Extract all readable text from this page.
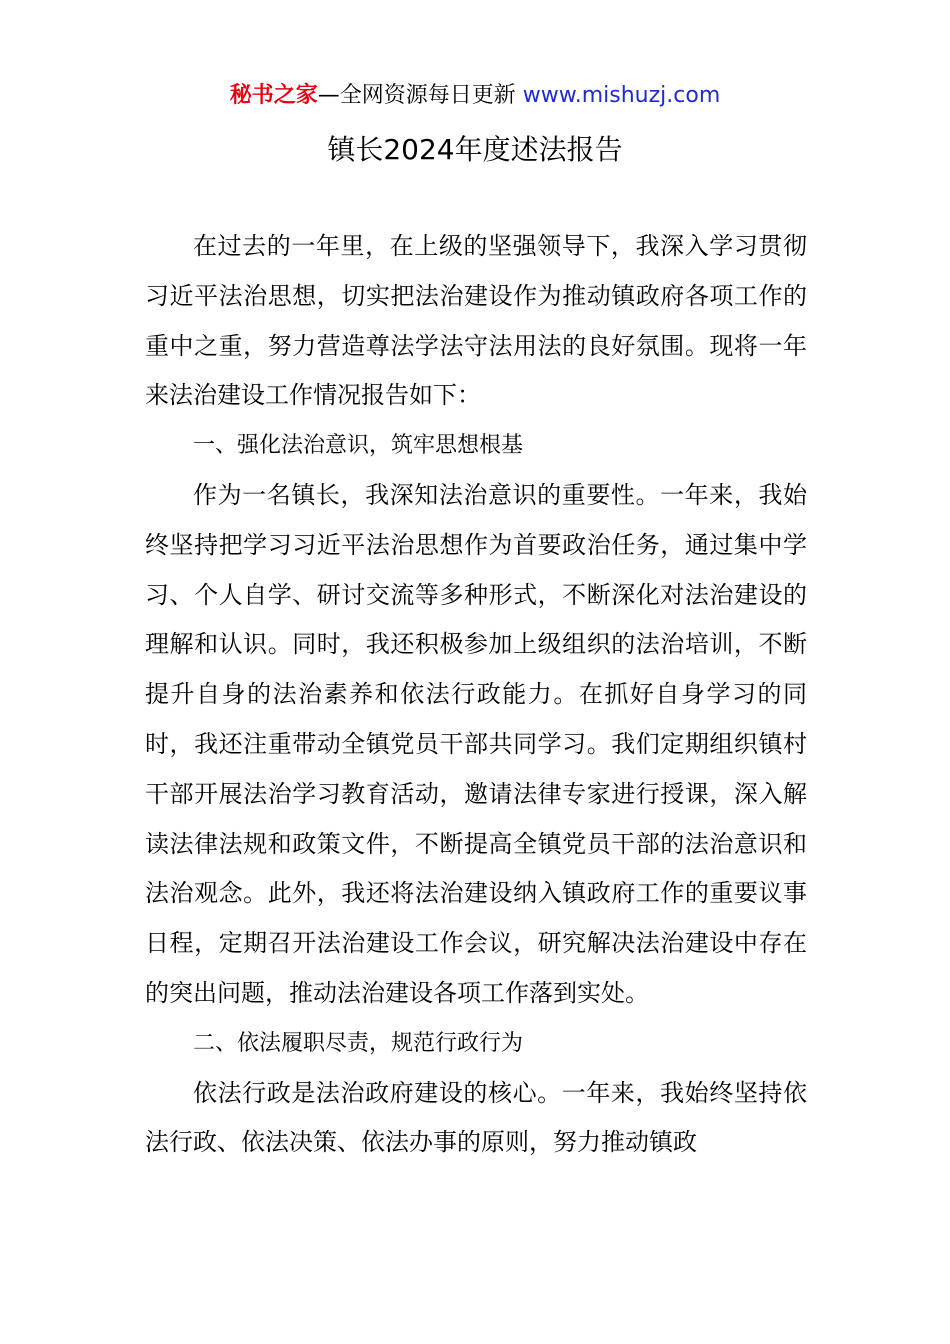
秘书之家—全网资源每日更新 www.mishuzj.com
镇长2024年度述法报告

在过去的一年里，在上级的坚强领导下，我深入学习贯彻习近平法治思想，切实把法治建设作为推动镇政府各项工作的重中之重，努力营造尊法学法守法用法的良好氛围。现将一年来法治建设工作情况报告如下：

一、强化法治意识，筑牢思想根基

作为一名镇长，我深知法治意识的重要性。一年来，我始终坚持把学习习近平法治思想作为首要政治任务，通过集中学习、个人自学、研讨交流等多种形式，不断深化对法治建设的理解和认识。同时，我还积极参加上级组织的法治培训，不断提升自身的法治素养和依法行政能力。在抓好自身学习的同时，我还注重带动全镇党员干部共同学习。我们定期组织镇村干部开展法治学习教育活动，邀请法律专家进行授课，深入解读法律法规和政策文件，不断提高全镇党员干部的法治意识和法治观念。此外，我还将法治建设纳入镇政府工作的重要议事日程，定期召开法治建设工作会议，研究解决法治建设中存在的突出问题，推动法治建设各项工作落到实处。

二、依法履职尽责，规范行政行为

依法行政是法治政府建设的核心。一年来，我始终坚持依法行政、依法决策、依法办事的原则，努力推动镇政
